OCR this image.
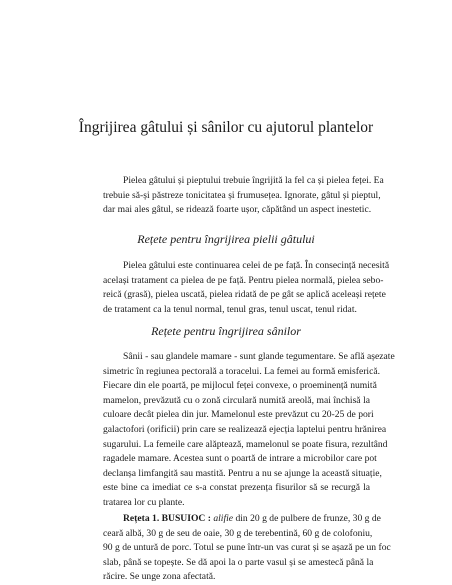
Îngrijirea gâtului și sânilor cu ajutorul plantelor

Pielea gâtului și pieptului trebuie îngrijită la fel ca și pielea feței. Ea
trebuie să-și păstreze tonicitatea și frumusețea. Ignorate, gâtul și pieptul,
dar mai ales gâtul, se ridează foarte ușor, căpătând un aspect inestetic.

Rețete pentru îngrijirea pielii gâtului

Pielea gâtului este continuarea celei de pe față. În consecință necesită
același tratament ca pielea de pe față. Pentru pielea normală, pielea sebo-
reică (grasă), pielea uscată, pielea ridată de pe gât se aplică aceleași rețete
de tratament ca la tenul normal, tenul gras, tenul uscat, tenul ridat.

Rețete pentru îngrijirea sânilor

Sânii - sau glandele mamare - sunt glande tegumentare. Se află așezate
simetric în regiunea pectorală a toracelui. La femei au formă emisferică.
Fiecare din ele poartă, pe mijlocul feței convexe, o proeminență numită
mamelon, prevăzută cu o zonă circulară numită areolă, mai închisă la
culoare decât pielea din jur. Mamelonul este prevăzut cu 20-25 de pori
galactofori (orificii) prin care se realizează ejecția laptelui pentru hrănirea
sugarului. La femeile care alăptează, mamelonul se poate fisura, rezultând
ragadele mamare. Acestea sunt o poartă de intrare a microbilor care pot
declanșa limfangită sau mastită. Pentru a nu se ajunge la această situație,
este bine ca imediat ce s-a constat prezența fisurilor să se recurgă la
tratarea lor cu plante.

Rețeta 1. BUSUIOC : alifie din 20 g de pulbere de frunze, 30 g de
ceară albă, 30 g de seu de oaie, 30 g de terebentină, 60 g de colofoniu,
90 g de untură de porc. Totul se pune într-un vas curat și se așază pe un foc
slab, până se topește. Se dă apoi la o parte vasul și se amestecă până la
răcire. Se unge zona afectată.
